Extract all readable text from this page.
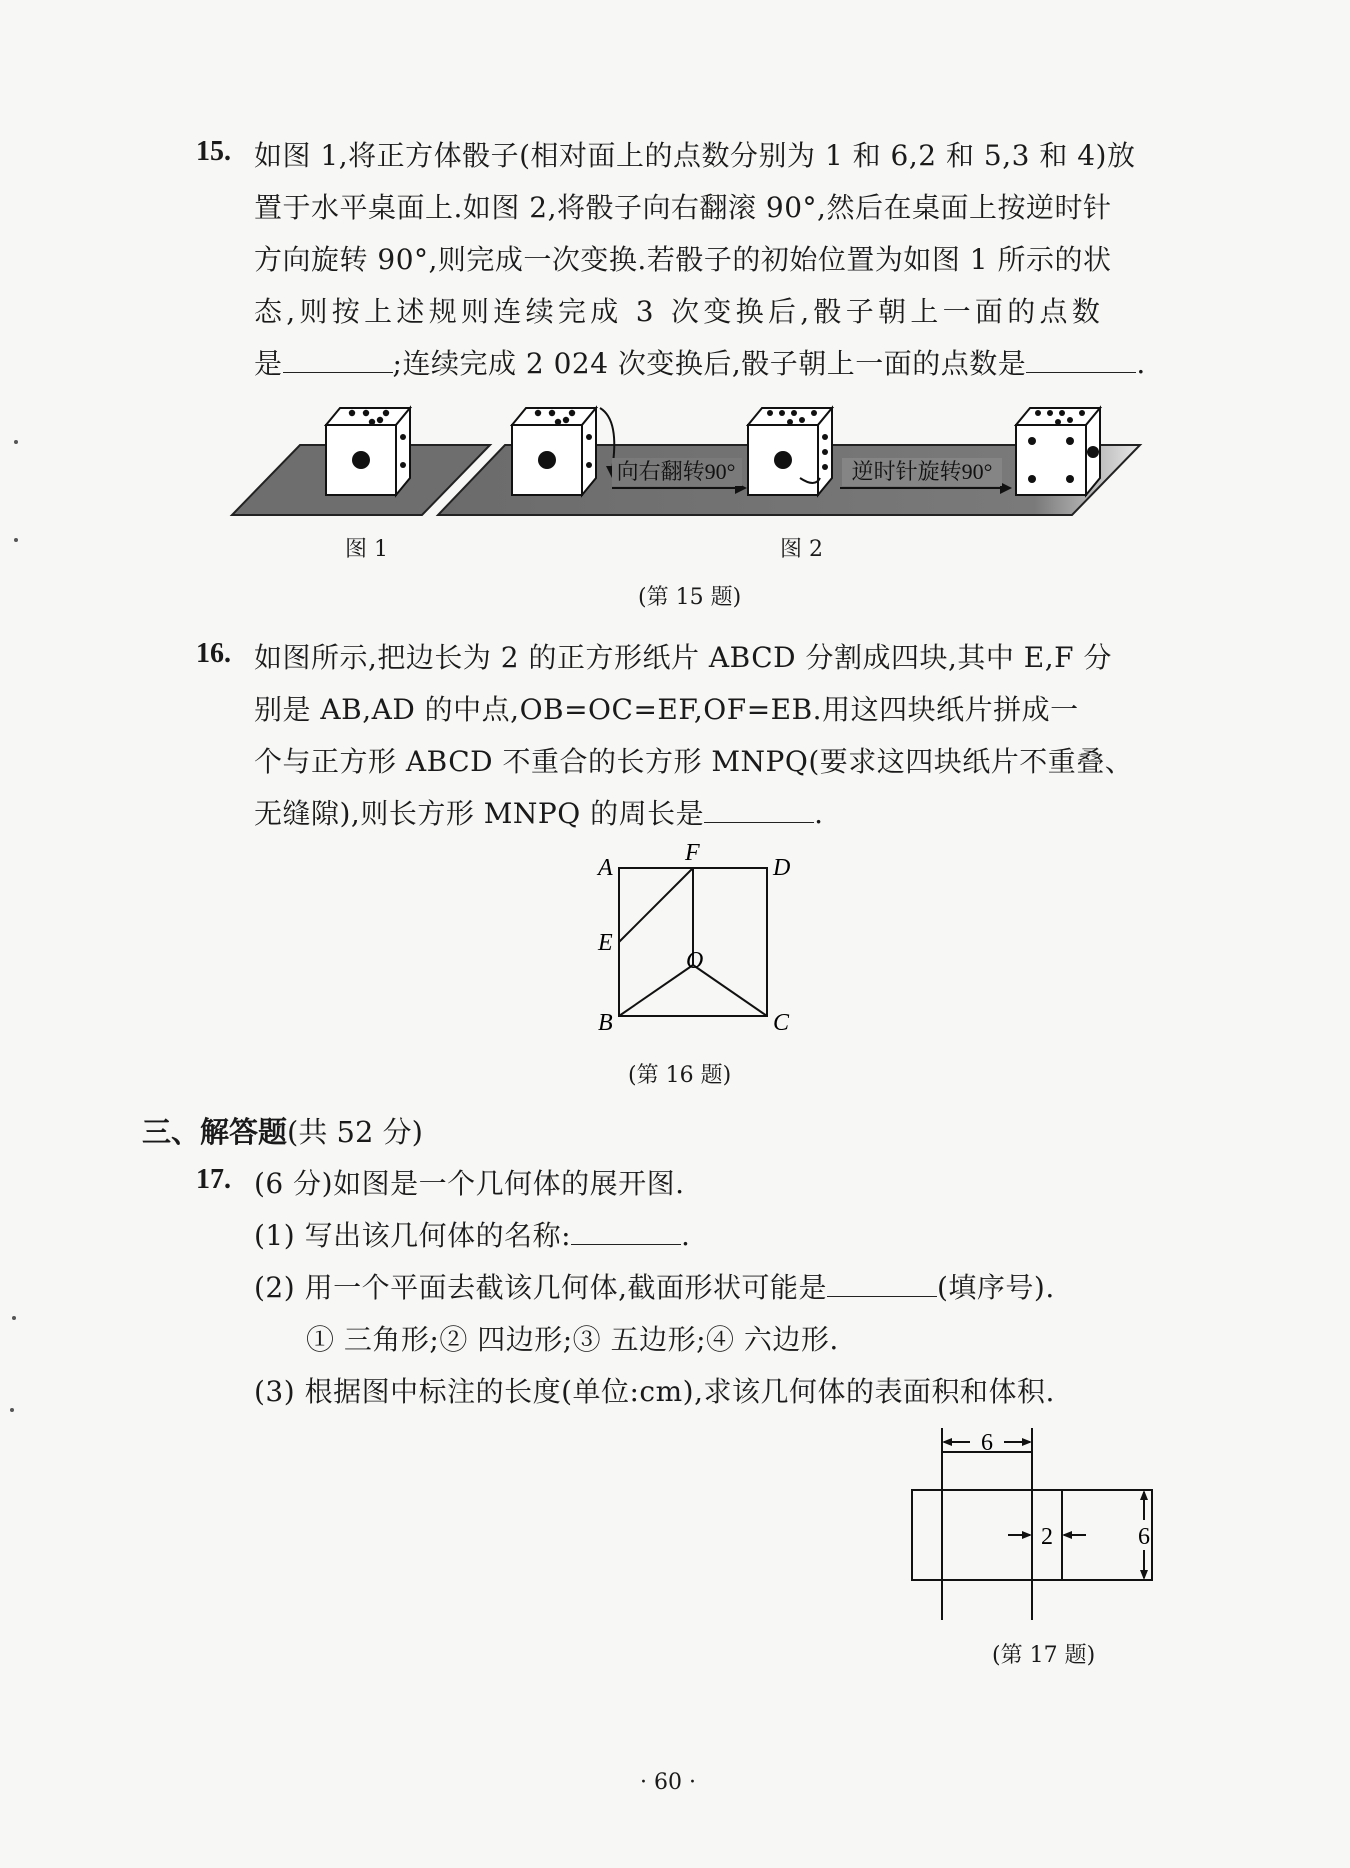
15. 如图 1,将正方体骰子(相对面上的点数分别为 1 和 6,2 和 5,3 和 4)放
置于水平桌面上.如图 2,将骰子向右翻滚 90°,然后在桌面上按逆时针
方向旋转 90°,则完成一次变换.若骰子的初始位置为如图 1 所示的状
态,则按上述规则连续完成 3 次变换后,骰子朝上一面的点数
是	;连续完成 2 024 次变换后,骰子朝上一面的点数是	.
向右翻转90°	逆时针旋转90°
图 1	图 2
(第 15 题)
16. 如图所示,把边长为 2 的正方形纸片 ABCD 分割成四块,其中 E,F 分
别是 AB,AD 的中点,OB=OC=EF,OF=EB.用这四块纸片拼成一
个与正方形 ABCD 不重合的长方形 MNPQ(要求这四块纸片不重叠、
无缝隙),则长方形 MNPQ 的周长是	.
A
F
D
E
O
B	C
(第 16 题)
三、解答题(共 52 分)
17. (6 分)如图是一个几何体的展开图.
(1) 写出该几何体的名称:	.
(2) 用一个平面去截该几何体,截面形状可能是	(填序号).
① 三角形;② 四边形;③ 五边形;④ 六边形.
(3) 根据图中标注的长度(单位:cm),求该几何体的表面积和体积.
6
2	6
(第 17 题)
· 60 ·
